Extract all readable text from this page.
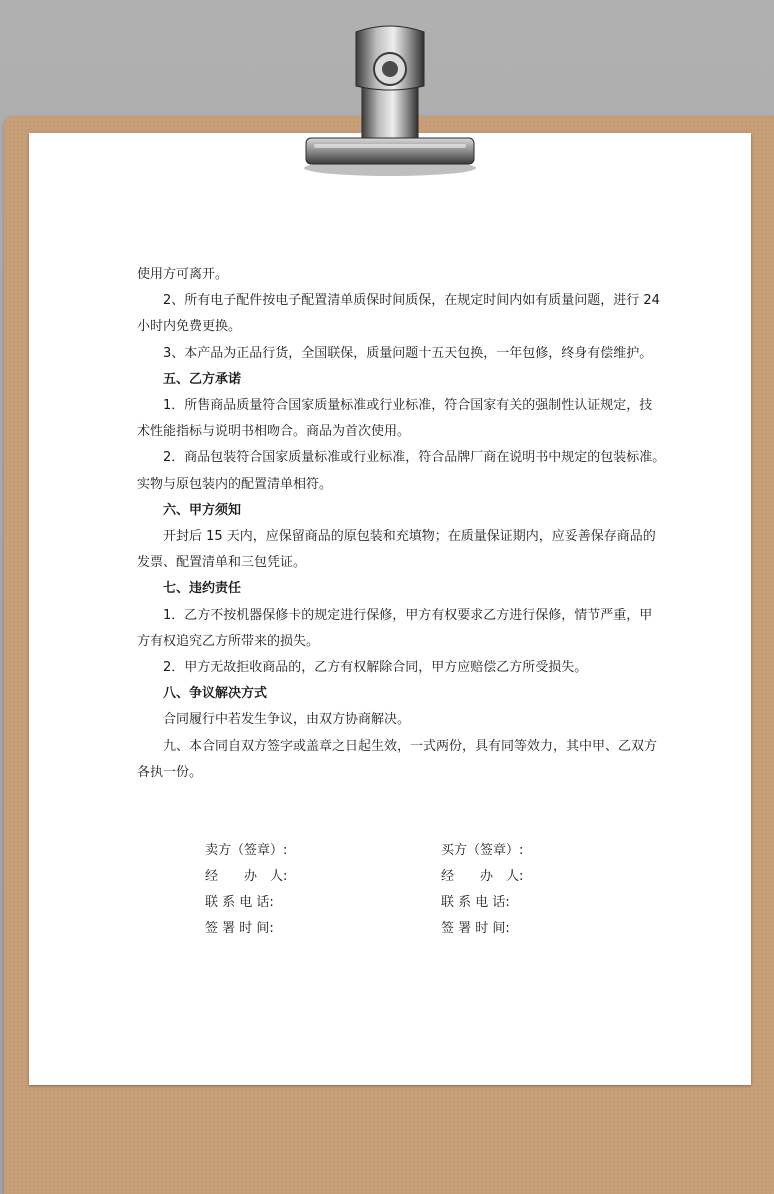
使用方可离开。

2、所有电子配件按电子配置清单质保时间质保，在规定时间内如有质量问题，进行 24

小时内免费更换。

3、本产品为正品行货，全国联保，质量问题十五天包换，一年包修，终身有偿维护。

五、乙方承诺

1．所售商品质量符合国家质量标准或行业标准，符合国家有关的强制性认证规定，技

术性能指标与说明书相吻合。商品为首次使用。

2．商品包装符合国家质量标准或行业标准，符合品牌厂商在说明书中规定的包装标准。

实物与原包装内的配置清单相符。

六、甲方须知

开封后 15 天内，应保留商品的原包装和充填物；在质量保证期内，应妥善保存商品的

发票、配置清单和三包凭证。

七、违约责任

1．乙方不按机器保修卡的规定进行保修，甲方有权要求乙方进行保修，情节严重，甲

方有权追究乙方所带来的损失。

2．甲方无故拒收商品的，乙方有权解除合同，甲方应赔偿乙方所受损失。

八、争议解决方式

合同履行中若发生争议，由双方协商解决。

九、本合同自双方签字或盖章之日起生效，一式两份，具有同等效力，其中甲、乙双方

各执一份。

卖方（签章）:

经　　办　人:

联 系 电 话:

签 署 时 间:

买方（签章）:

经　　办　人:

联 系 电 话:

签 署 时 间:
